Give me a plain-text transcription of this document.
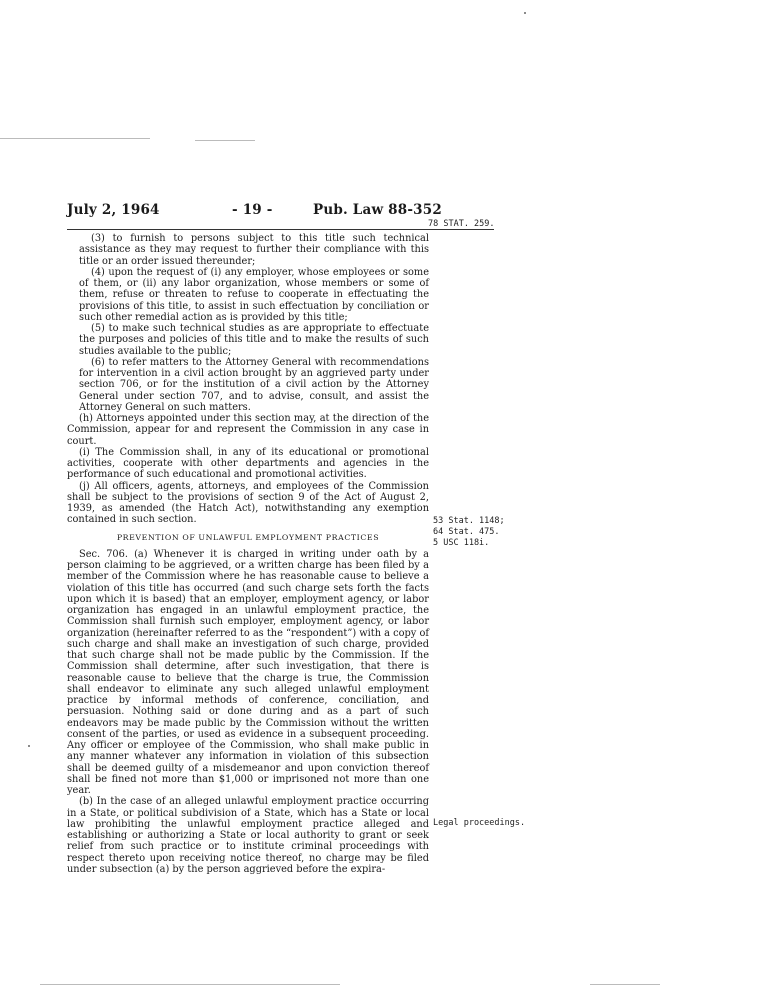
July 2, 1964	- 19 -	Pub. Law 88-352
78 STAT. 259.

(3) to furnish to persons subject to this title such technical assistance as they may request to further their compliance with this title or an order issued thereunder;

(4) upon the request of (i) any employer, whose employees or some of them, or (ii) any labor organization, whose members or some of them, refuse or threaten to refuse to cooperate in effectuating the provisions of this title, to assist in such effectuation by conciliation or such other remedial action as is provided by this title;

(5) to make such technical studies as are appropriate to effectuate the purposes and policies of this title and to make the results of such studies available to the public;

(6) to refer matters to the Attorney General with recommendations for intervention in a civil action brought by an aggrieved party under section 706, or for the institution of a civil action by the Attorney General under section 707, and to advise, consult, and assist the Attorney General on such matters.

(h) Attorneys appointed under this section may, at the direction of the Commission, appear for and represent the Commission in any case in court.

(i) The Commission shall, in any of its educational or promotional activities, cooperate with other departments and agencies in the performance of such educational and promotional activities.

(j) All officers, agents, attorneys, and employees of the Commission shall be subject to the provisions of section 9 of the Act of August 2, 1939, as amended (the Hatch Act), notwithstanding any exemption contained in such section.

PREVENTION OF UNLAWFUL EMPLOYMENT PRACTICES

Sec. 706. (a) Whenever it is charged in writing under oath by a person claiming to be aggrieved, or a written charge has been filed by a member of the Commission where he has reasonable cause to believe a violation of this title has occurred (and such charge sets forth the facts upon which it is based) that an employer, employment agency, or labor organization has engaged in an unlawful employment practice, the Commission shall furnish such employer, employment agency, or labor organization (hereinafter referred to as the “respondent”) with a copy of such charge and shall make an investigation of such charge, provided that such charge shall not be made public by the Commission. If the Commission shall determine, after such investigation, that there is reasonable cause to believe that the charge is true, the Commission shall endeavor to eliminate any such alleged unlawful employment practice by informal methods of conference, conciliation, and persuasion. Nothing said or done during and as a part of such endeavors may be made public by the Commission without the written consent of the parties, or used as evidence in a subsequent proceeding. Any officer or employee of the Commission, who shall make public in any manner whatever any information in violation of this subsection shall be deemed guilty of a misdemeanor and upon conviction thereof shall be fined not more than $1,000 or imprisoned not more than one year.

(b) In the case of an alleged unlawful employment practice occurring in a State, or political subdivision of a State, which has a State or local law prohibiting the unlawful employment practice alleged and establishing or authorizing a State or local authority to grant or seek relief from such practice or to institute criminal proceedings with respect thereto upon receiving notice thereof, no charge may be filed under subsection (a) by the person aggrieved before the expira-

53 Stat. 1148;
64 Stat. 475.
5 USC 118i.
Legal proceedings.
